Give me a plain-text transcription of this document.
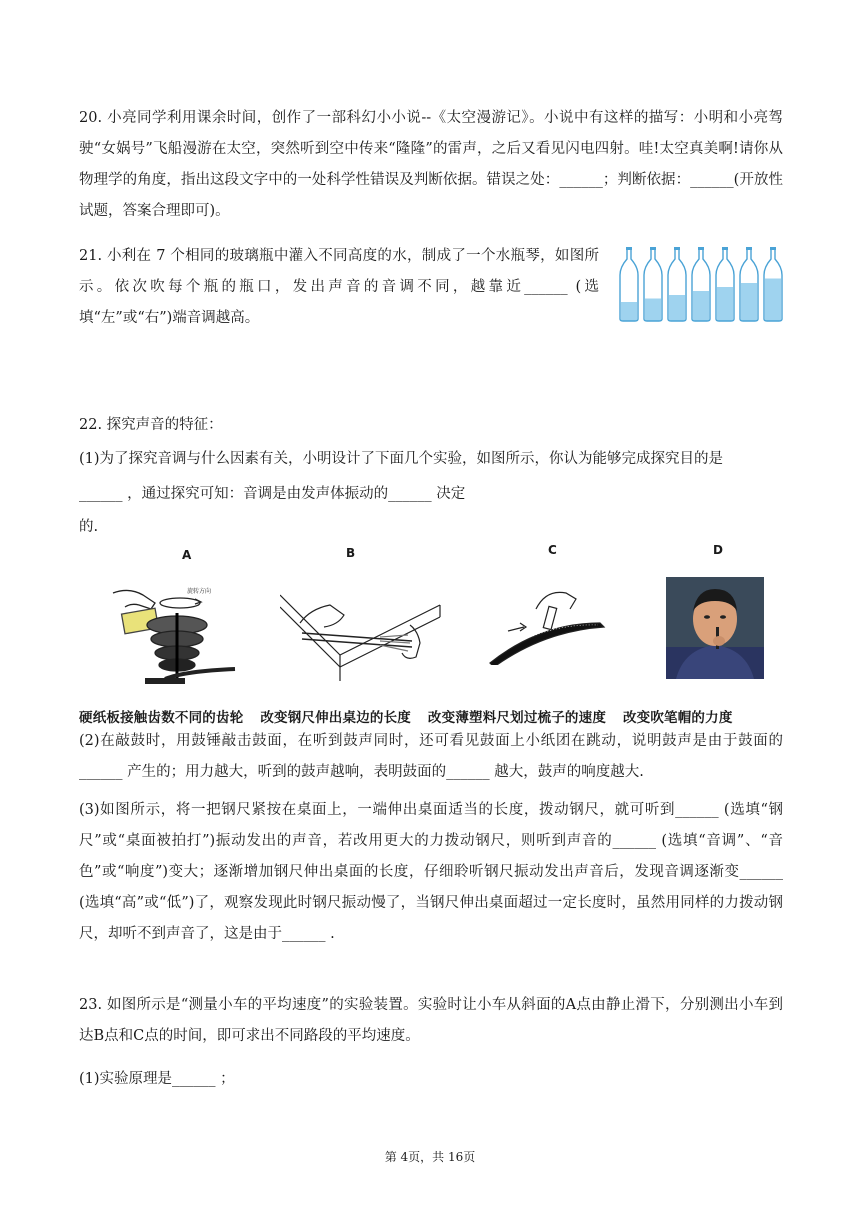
20. 小亮同学利用课余时间，创作了一部科幻小小说--《太空漫游记》。小说中有这样的描写：小明和小亮驾驶“女娲号”飞船漫游在太空，突然听到空中传来“隆隆”的雷声，之后又看见闪电四射。哇!太空真美啊!请你从物理学的角度，指出这段文字中的一处科学性错误及判断依据。错误之处：______；判断依据：______(开放性试题，答案合理即可)。
21. 小利在 7 个相同的玻璃瓶中灌入不同高度的水，制成了一个水瓶琴，如图所示。依次吹每个瓶的瓶口，发出声音的音调不同，越靠近______ (选填“左”或“右”)端音调越高。
22. 探究声音的特征：
(1)为了探究音调与什么因素有关，小明设计了下面几个实验，如图所示，你认为能够完成探究目的是
______ ，通过探究可知：音调是由发声体振动的______ 决定
的.
A	B	C	D
旋转方向
硬纸板接触齿数不同的齿轮 改变钢尺伸出桌边的长度 改变薄塑料尺划过梳子的速度 改变吹笔帽的力度
(2)在敲鼓时，用鼓锤敲击鼓面，在听到鼓声同时，还可看见鼓面上小纸团在跳动，说明鼓声是由于鼓面的______ 产生的；用力越大，听到的鼓声越响，表明鼓面的______ 越大，鼓声的响度越大.
(3)如图所示，将一把钢尺紧按在桌面上，一端伸出桌面适当的长度，拨动钢尺，就可听到______ (选填“钢尺”或“桌面被拍打”)振动发出的声音，若改用更大的力拨动钢尺，则听到声音的______ (选填“音调”、“音色”或“响度”)变大；逐渐增加钢尺伸出桌面的长度，仔细聆听钢尺振动发出声音后，发现音调逐渐变______ (选填“高”或“低”)了，观察发现此时钢尺振动慢了，当钢尺伸出桌面超过一定长度时，虽然用同样的力拨动钢尺，却听不到声音了，这是由于______ .
23. 如图所示是“测量小车的平均速度”的实验装置。实验时让小车从斜面的A点由静止滑下，分别测出小车到达B点和C点的时间，即可求出不同路段的平均速度。
(1)实验原理是______ ；
第 4页，共 16页
